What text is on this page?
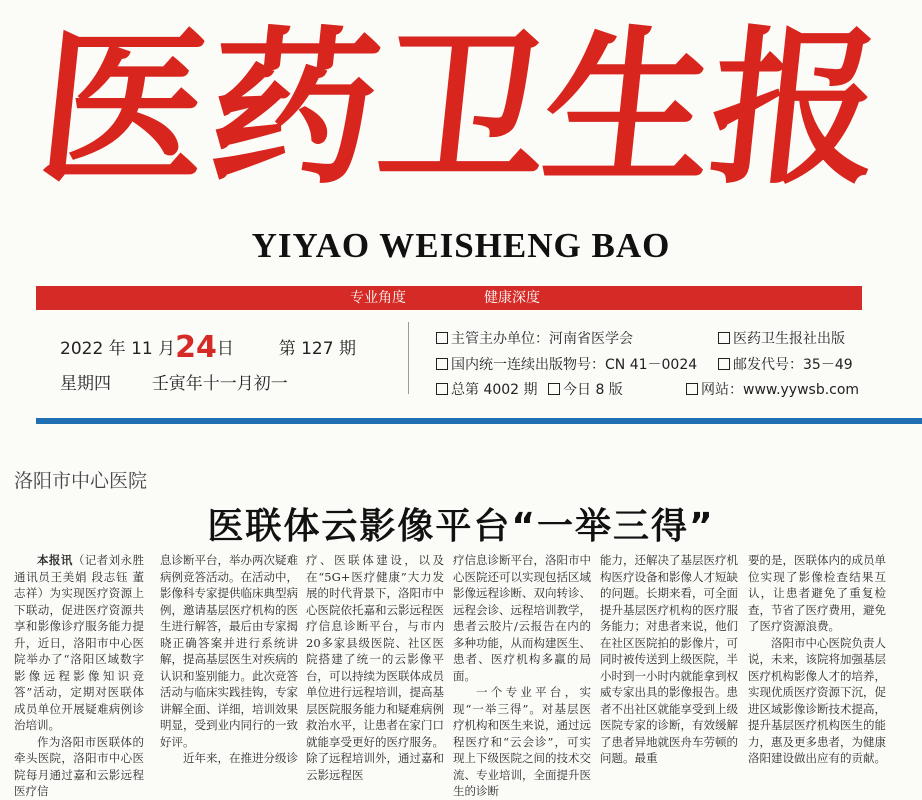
医
药
卫
生
报
YIYAO WEISHENG BAO
专业角度	健康深度
2022 年 11 月24日	第 127 期
星期四 壬寅年十一月初一
主管主办单位：河南省医学会	医药卫生报社出版
国内统一连续出版物号：CN 41－0024	邮发代号：35－49
总第 4002 期	今日 8 版	网站：www.yywsb.com
洛阳市中心医院
医联体云影像平台“一举三得”

本报讯（记者刘永胜 通讯员王美娟 段志钰 董志祥）为实现医疗资源上下联动，促进医疗资源共享和影像诊疗服务能力提升，近日，洛阳市中心医院举办了“洛阳区域数字影像远程影像知识竞答”活动，定期对医联体成员单位开展疑难病例诊治培训。

作为洛阳市医联体的牵头医院，洛阳市中心医院每月通过嘉和云影远程医疗信

息诊断平台，举办两次疑难病例竞答活动。在活动中，影像科专家提供临床典型病例，邀请基层医疗机构的医生进行解答，最后由专家揭晓正确答案并进行系统讲解，提高基层医生对疾病的认识和鉴别能力。此次竞答活动与临床实践挂钩，专家讲解全面、详细，培训效果明显，受到业内同行的一致好评。

近年来，在推进分级诊

疗、医联体建设，以及在“5G+医疗健康”大力发展的时代背景下，洛阳市中心医院依托嘉和云影远程医疗信息诊断平台，与市内20多家县级医院、社区医院搭建了统一的云影像平台，可以持续为医联体成员单位进行远程培训，提高基层医院服务能力和疑难病例救治水平，让患者在家门口就能享受更好的医疗服务。除了远程培训外，通过嘉和云影远程医

疗信息诊断平台，洛阳市中心医院还可以实现包括区域影像远程诊断、双向转诊、远程会诊、远程培训教学，患者云胶片/云报告在内的多种功能，从而构建医生、患者、医疗机构多赢的局面。

一个专业平台，实现“一举三得”。对基层医疗机构和医生来说，通过远程医疗和“云会诊”，可实现上下级医院之间的技术交流、专业培训，全面提升医生的诊断

能力，还解决了基层医疗机构医疗设备和影像人才短缺的问题。长期来看，可全面提升基层医疗机构的医疗服务能力；对患者来说，他们在社区医院拍的影像片，可同时被传送到上级医院，半小时到一小时内就能拿到权威专家出具的影像报告。患者不出社区就能享受到上级医院专家的诊断，有效缓解了患者异地就医舟车劳顿的问题。最重

要的是，医联体内的成员单位实现了影像检查结果互认，让患者避免了重复检查，节省了医疗费用，避免了医疗资源浪费。

洛阳市中心医院负责人说，未来，该院将加强基层医疗机构影像人才的培养，实现优质医疗资源下沉，促进区域影像诊断技术提高，提升基层医疗机构医生的能力，惠及更多患者，为健康洛阳建设做出应有的贡献。
